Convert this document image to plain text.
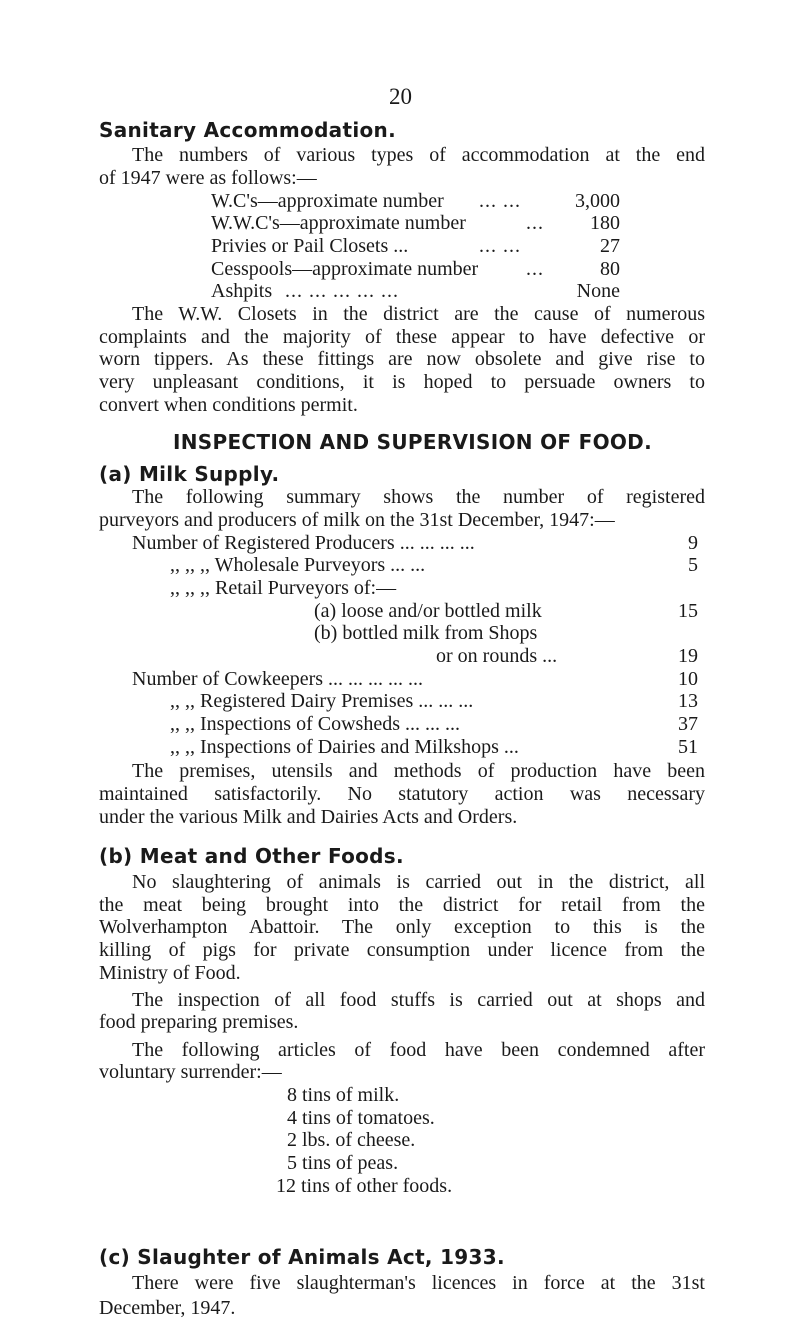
20
Sanitary Accommodation.
The numbers of various types of accommodation at the end
of 1947 were as follows:—
W.C's—approximate number ... ...	3,000
W.W.C's—approximate number	...	180
Privies or Pail Closets ...	... ...	27
Cesspools—approximate number ...	80
Ashpits ... ... ... ... ...	None
The W.W. Closets in the district are the cause of numerous
complaints and the majority of these appear to have defective or
worn tippers. As these fittings are now obsolete and give rise to
very unpleasant conditions, it is hoped to persuade owners to
convert when conditions permit.
INSPECTION AND SUPERVISION OF FOOD.
(a) Milk Supply.
The following summary shows the number of registered
purveyors and producers of milk on the 31st December, 1947:—
Number of Registered Producers ... ... ... ...	9
,, ,, ,, Wholesale Purveyors ... ...	5
,, ,, ,, Retail Purveyors of:—
(a) loose and/or bottled milk	15
(b) bottled milk from Shops
or on rounds ...	19
Number of Cowkeepers ... ... ... ... ...	10
,, ,, Registered Dairy Premises ... ... ...	13
,, ,, Inspections of Cowsheds ... ... ...	37
,, ,, Inspections of Dairies and Milkshops ...	51
The premises, utensils and methods of production have been
maintained satisfactorily. No statutory action was necessary
under the various Milk and Dairies Acts and Orders.
(b) Meat and Other Foods.
No slaughtering of animals is carried out in the district, all
the meat being brought into the district for retail from the
Wolverhampton Abattoir. The only exception to this is the
killing of pigs for private consumption under licence from the
Ministry of Food.
The inspection of all food stuffs is carried out at shops and
food preparing premises.
The following articles of food have been condemned after
voluntary surrender:—
8 tins of milk.
4 tins of tomatoes.
2 lbs. of cheese.
5 tins of peas.
12 tins of other foods.
(c) Slaughter of Animals Act, 1933.
There were five slaughterman's licences in force at the 31st
December, 1947.
